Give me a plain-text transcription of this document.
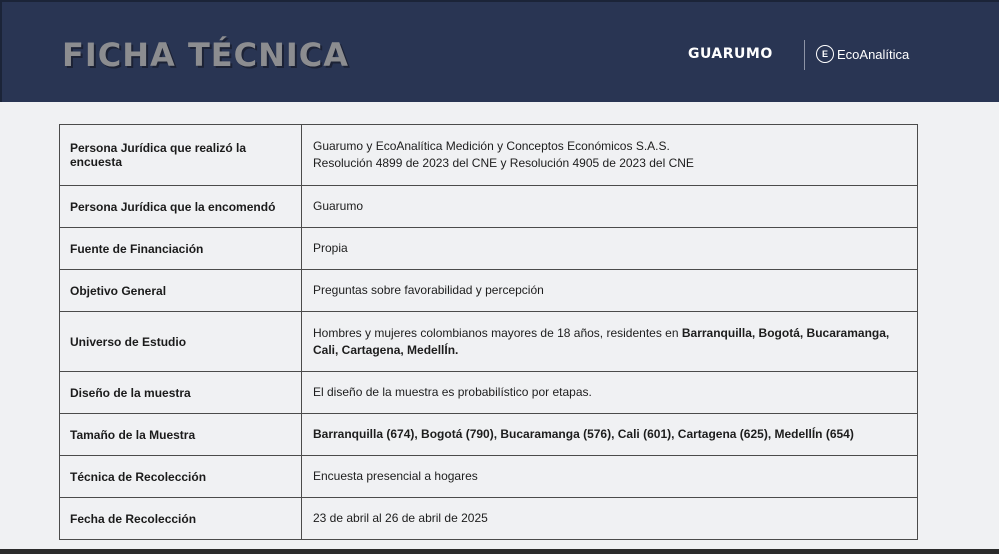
FICHA TÉCNICA	GUARUMO	E EcoAnalítica
Persona Jurídica que realizó la encuesta	Guarumo y EcoAnalítica Medición y Conceptos Económicos S.A.S.
Resolución 4899 de 2023 del CNE y Resolución 4905 de 2023 del CNE

Persona Jurídica que la encomendó	Guarumo
Fuente de Financiación	Propia
Objetivo General	Preguntas sobre favorabilidad y percepción
Universo de Estudio	Hombres y mujeres colombianos mayores de 18 años, residentes en Barranquilla, Bogotá, Bucaramanga,
Cali, Cartagena, MedellÍn.
Diseño de la muestra	El diseño de la muestra es probabilístico por etapas.
Tamaño de la Muestra	Barranquilla (674), Bogotá (790), Bucaramanga (576), Cali (601), Cartagena (625), MedellÍn (654)
Técnica de Recolección	Encuesta presencial a hogares
Fecha de Recolección	23 de abril al 26 de abril de 2025
